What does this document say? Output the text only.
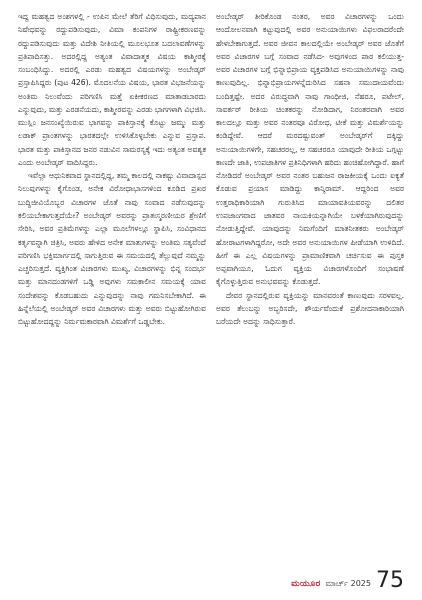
ಇದ್ದ ಮಹತ್ವದ ಅಂಶಗಳಲ್ಲಿ - ಉಪಿನ ಮೇಲೆ ತೆರಿಗೆ ವಿಧಿಸುವುದು, ಮದ್ಯಪಾನ ನಿಷೇಧವನ್ನು ರದ್ದುಪಡಿಸುವುದು, ವಿಮಾ ಕಂಪನಿಗಳ ರಾಷ್ಟ್ರೀಕರಣವನ್ನು ರದ್ದುಪಡಿಸುವುದು ಮತ್ತು ವಿದೇಶಿ ನೀತಿಯಲ್ಲಿ ಮೂಲಭೂತ ಬದಲಾವಣೆಗಳನ್ನು ಪ್ರತಿಪಾದಿಸತ್ತು. ಅದರಲ್ಲಿದ್ದ ಅತ್ಯಂತ ವಿವಾದಾತ್ಮಕ ವಿಷಯ ಕಾಶ್ಮೀರಕ್ಕೆ ಸಂಬಂಧಿಸಿದ್ದು. ಅದರಲ್ಲಿ ಎರಡು ಮಹತ್ವದ ವಿಷಯಗಳನ್ನು ಅಂಬೇಡ್ಕರ್ ಪ್ರಸ್ತಾಪಿಸಿದ್ದರು (ಪುಟ 426). ಮೊದಲನೆಯ ವಿಷಯ, ಭಾರತ ವಿಭಜನೆಯನ್ನು ಅಂತಿಮ ನಿಲುವೆಂದು ಪರಿಗಣಿಸಿ ಮತ್ತೆ ಏಕೀಕರಣದ ಮಾತಾಡಬಾರದು ಎನ್ನುವುದು, ಮತ್ತು ಎರಡನೆಯದು, ಕಾಶ್ಮೀರವನ್ನು ಎರಡು ಭಾಗಗಳಾಗಿ ವಿಭಜಿಸಿ. ಮುಸ್ಲಿಂ ಜನಸಂಖ್ಯೆಯಿರುವ ಭಾಗವನ್ನು ಪಾಕಿಸ್ತಾನಕ್ಕೆ ಕೊಟ್ಟು ಜಮ್ಮು ಮತ್ತು ಲಡಾಕ್ ಪ್ರಾಂತಗಳನ್ನು ಭಾರತದಲ್ಲೇ ಉಳಿಸಿಕೊಳ್ಳಬೇಕು ಎನ್ನುವ ಪ್ರಸ್ತಾಪ. ಭಾರತ ಮತ್ತು ಪಾಕಿಸ್ತಾನದ ಜನರ ನಡುವಿನ ಸಾಮರಸ್ಯಕ್ಕೆ ಇದು ಅತ್ಯಂತ ಅವಶ್ಯಕ ಎಂದು ಅಂಬೇಡ್ಕರ್ ವಾದಿಸಿದ್ದರು.

ಇವೆಲ್ಲಾ ಆಧುನಿಕವಾದ ಸ್ಥಾನದಲ್ಲಿದ್ದ, ತಮ್ಮ ಕಾಲದಲ್ಲಿ ನಾಕಷ್ಟು ವಿವಾದಾಸ್ಪದ ನಿಲುವುಗಳನ್ನು ಕೈಗೊಂಡ, ಅನೇಕ ವಿರೋಧಾಭಾಸಗಳಿಂದ ಕೂಡಿದ ಪ್ರಖರ ಬುದ್ಧಿಜೀವಿಯೊಬ್ಬರ ವಿಚಾರಗಳ ಜೊತೆ ನಾವು ಸಂವಾದ ನಡೆಸುವುದನ್ನು ಕಲಿಯಬೇಕಾಗುತ್ತದೆಯೇ? ಅಂಬೇಡ್ಕರ್ ಅವರನ್ನು ಪ್ರಾತಃಸ್ಮರಣೀಯರ ಶ್ರೇಣಿಗೆ ಸೇರಿಸಿ, ಅವರ ಪ್ರತಿಮೆಗಳನ್ನು ಎಲ್ಲಾ ಮೂಲೆಗಳಲ್ಲೂ ಸ್ಥಾಪಿಸಿ, ಸಂವಿಧಾನದ ಕರ್ತೃವನ್ನಾಗಿ ಚಿತ್ರಿಸಿ, ಅವರು ಹೇಳಿದ ಅನೇಕ ಮಾತುಗಳನ್ನು ಅಂತಿಮ ಸತ್ಯವೆಂದೆ ಪರಿಗಣಿಸಿ ಭಕ್ತಿಮಾರ್ಗದಲ್ಲಿ ಸಾಗುತ್ತಿರುವ ಈ ಸಮಯದಲ್ಲಿ ತೆಲ್ಲುವುದೆ ನಮ್ಮನ್ನು ಎಚ್ಚರಿಸುತ್ತದೆ. ವ್ಯಕ್ತಿಗಿಂತ ವಿಚಾರಗಳು ಮುಖ್ಯ, ವಿಚಾರಗಳನ್ನು ಭಿನ್ನ ಸಂದರ್ಭ ಮತ್ತು ಮಾನದಂಡಗಳಿಗೆ ಒಡ್ಡಿ ಅವುಗಳು ಸಮಕಾಲೀನ ಸಮಯಕ್ಕೆ ಯಾವ ಸಂದೇಶವನ್ನು ಕೊಡಬಹುದು ಎನ್ನುವುದನ್ನು ನಾವು ಗಮನಿಸಬೇಕಾಗಿದೆ. ಈ ಹಿನ್ನೆಲೆಯಲ್ಲಿ ಅಂಬೇಡ್ಕರ್ ಅವರ ವಿಚಾರಗಳು ಮತ್ತು ಅವರು ಬಿಟ್ಟುಹೋಗಿರುವ ಬಿಟ್ಟುಹೋದದ್ದನ್ನು ನಿರ್ಮಮಕಾರವಾಗಿ ವಿಮರ್ಶೆಗೆ ಒಡ್ಡಬೇಕು.

ಅಂಬೇಡ್ಕರ್ ತೀರಿಕೊಂಡ ನಂತರ, ಅವರ ವಿಚಾರಗಳನ್ನು ಒಂದು ಆಂದೋಲನವಾಗಿ ಕಟ್ಟುವುದಲ್ಲಿ ಅವರ ಅನುಯಾಯಿಗಳು ವಿಫಲರಾದರೆಂದೇ ಹೇಳಬೇಕಾಗುತ್ತದೆ. ಅವರ ಜೀವನ ಕಾಲದಲ್ಲಿಯೇ ಅಂಬೇಡ್ಕರ್ ಅವರ ಜೊತೆಗೆ ಅವರ ವಿಚಾರಗಳ ಬಗ್ಗೆ ಸಂವಾದ ನಡೆಸಿದ- ಅವುಗಳಿಂದ ಪಾಠ ಕಲಿಯುತ್ತ- ಅವರ ವಿಚಾರಗಳ ಬಗ್ಗೆ ಭಿನ್ನಾಭಿಪ್ರಾಯ ವ್ಯಕ್ತಪಡಿಸಿದ ಅನುಯಾಯಿಗಳನ್ನು ನಾವು ಕಾಣುವುದಿಲ್ಲ. ಭಿನ್ನಾಭಿಪ್ರಾಯಗಳನ್ನೆದುರಿಸಿದ ಸಹನಾ ಸಮುದಾಯವೆಂದು ಬಂದಿತ್ತಷ್ಟೇ. ಅದರ ವಿರುದ್ಧವಾಗಿ ನಾವು ಗಾಂಧೀಜಿ, ನೆಹರೂ, ಪಟೇಲ್, ಸಾವರ್ಕರ್ ರೀತಿಯ ಚಿಂತಕರನ್ನು ನೋಡಿದಾಗ, ನಿರಂತರವಾಗಿ ಅವರ ಕಾಲದಲ್ಲೂ ಮತ್ತು ಅವರ ನಂತರವೂ ವಿರೋಧ, ಟೀಕೆ ಮತ್ತು ವಿಮರ್ಶೆಯನ್ನು ಕಂಡಿದ್ದೇವೆ. ಆದರೆ ಮರದಷ್ಟುವಂತ್ ಅಂಬೇಡ್ಕರ್‌ಗೆ ದಕ್ಕಿದ್ದು ಅನುಯಾಯಿಗಳಿಗೇ, ಸಹಚರರಲ್ಲ, ಆ ಸಹಚರರೂ ಯಾವುದೇ ರೀತಿಯ ಒಗ್ಗಟ್ಟು ಕಾಣದೇ ಜಾತಿ, ಉಪಜಾತಿಗಳ ಪ್ರತಿನಿಧಿಗಳಾಗಿ ಹರಿದು ಹಂಚಿಹೋಗಿದ್ದಾರೆ. ಹಾಗೆ ನೋಡಿದರೆ ಅಂಬೇಡ್ಕರ್ ಅವರ ನಂತರ ಬಹುಜನ ರಾಜಕೀಯಕ್ಕೆ ಒಂದು ಐಕ್ಯತೆ ಕೊಡುವ ಪ್ರಯಾಸ ಮಾಡಿದ್ದು ಕಾನ್ಶಿರಾಮ್. ಆದ್ದರಿಂದ ಅವರ ಉತ್ತರಾಧಿಕಾರಿಯಾಗಿ ಗುರುತಿಸಿದ ಮಾಯಾವತಿಯವರನ್ನು ದಲಿತರ ಉಪಜಾಂಗವಾದ ಜಾತವರ ನಾಯಕಿಯನ್ನಾಗಿಯೇ ಬಳಕೆಯಾಗಿರುವುದನ್ನು ನೋಡುತ್ತಿದ್ದೇವೆ. ಯಾವುದನ್ನು ನಿಮಗೆಂದಿಗೆ ಮಾತನೀತಕರು ಅಂಬೇಡ್ಕರ್ ಹೋರಾಟಗಳಾಗಿದ್ದರೋ, ಅದೇ ಅವರ ಅನುಯಾಯಿಗಳ ಪೀಡೆಯಾಗಿ ಉಳಿದಿದೆ. ಹೀಗೆ ಈ ಎಲ್ಲ ವಿಷಯಗಳನ್ನು ಪ್ರಾಮಾಣಿಕವಾಗಿ ಚರ್ಚಿಸುವ ಈ ಪುಸ್ತಕ ಅಪ್ಪವಾಗಿಯೂ, ಓದುಗ ವ್ಯಕ್ತಿಯ ವಿಚಾರಗಳೊಂದಿಗೆ ಸಂಭಾಷಣೆ ಕೈಗೊಳ್ಳುತ್ತಿರುವ ಅನುಭವವನ್ನು ಕೊಡುತ್ತದೆ.

ದೇವರ ಸ್ಥಾನದಲ್ಲಿರುವ ವ್ಯಕ್ತಿಯನ್ನು ಮಾನವರಂತೆ ಕಾಣುವುದು ಸರಳವಲ್ಲ. ಅವರ ತೆಲುಬನ್ನು ಅಬ್ಬರಿಸದೇ, ಶೌರ್ಯವೆಂದುಕೆ ಪ್ರಶೋದನಾಕಾರಿಯಾಗಿ ಬರೆಯದೇ ಅದನ್ನು ಸಾಧಿಸುತ್ತಾರೆ.

ಮಯೂರ ಮಾರ್ಚ್ 2025 75
